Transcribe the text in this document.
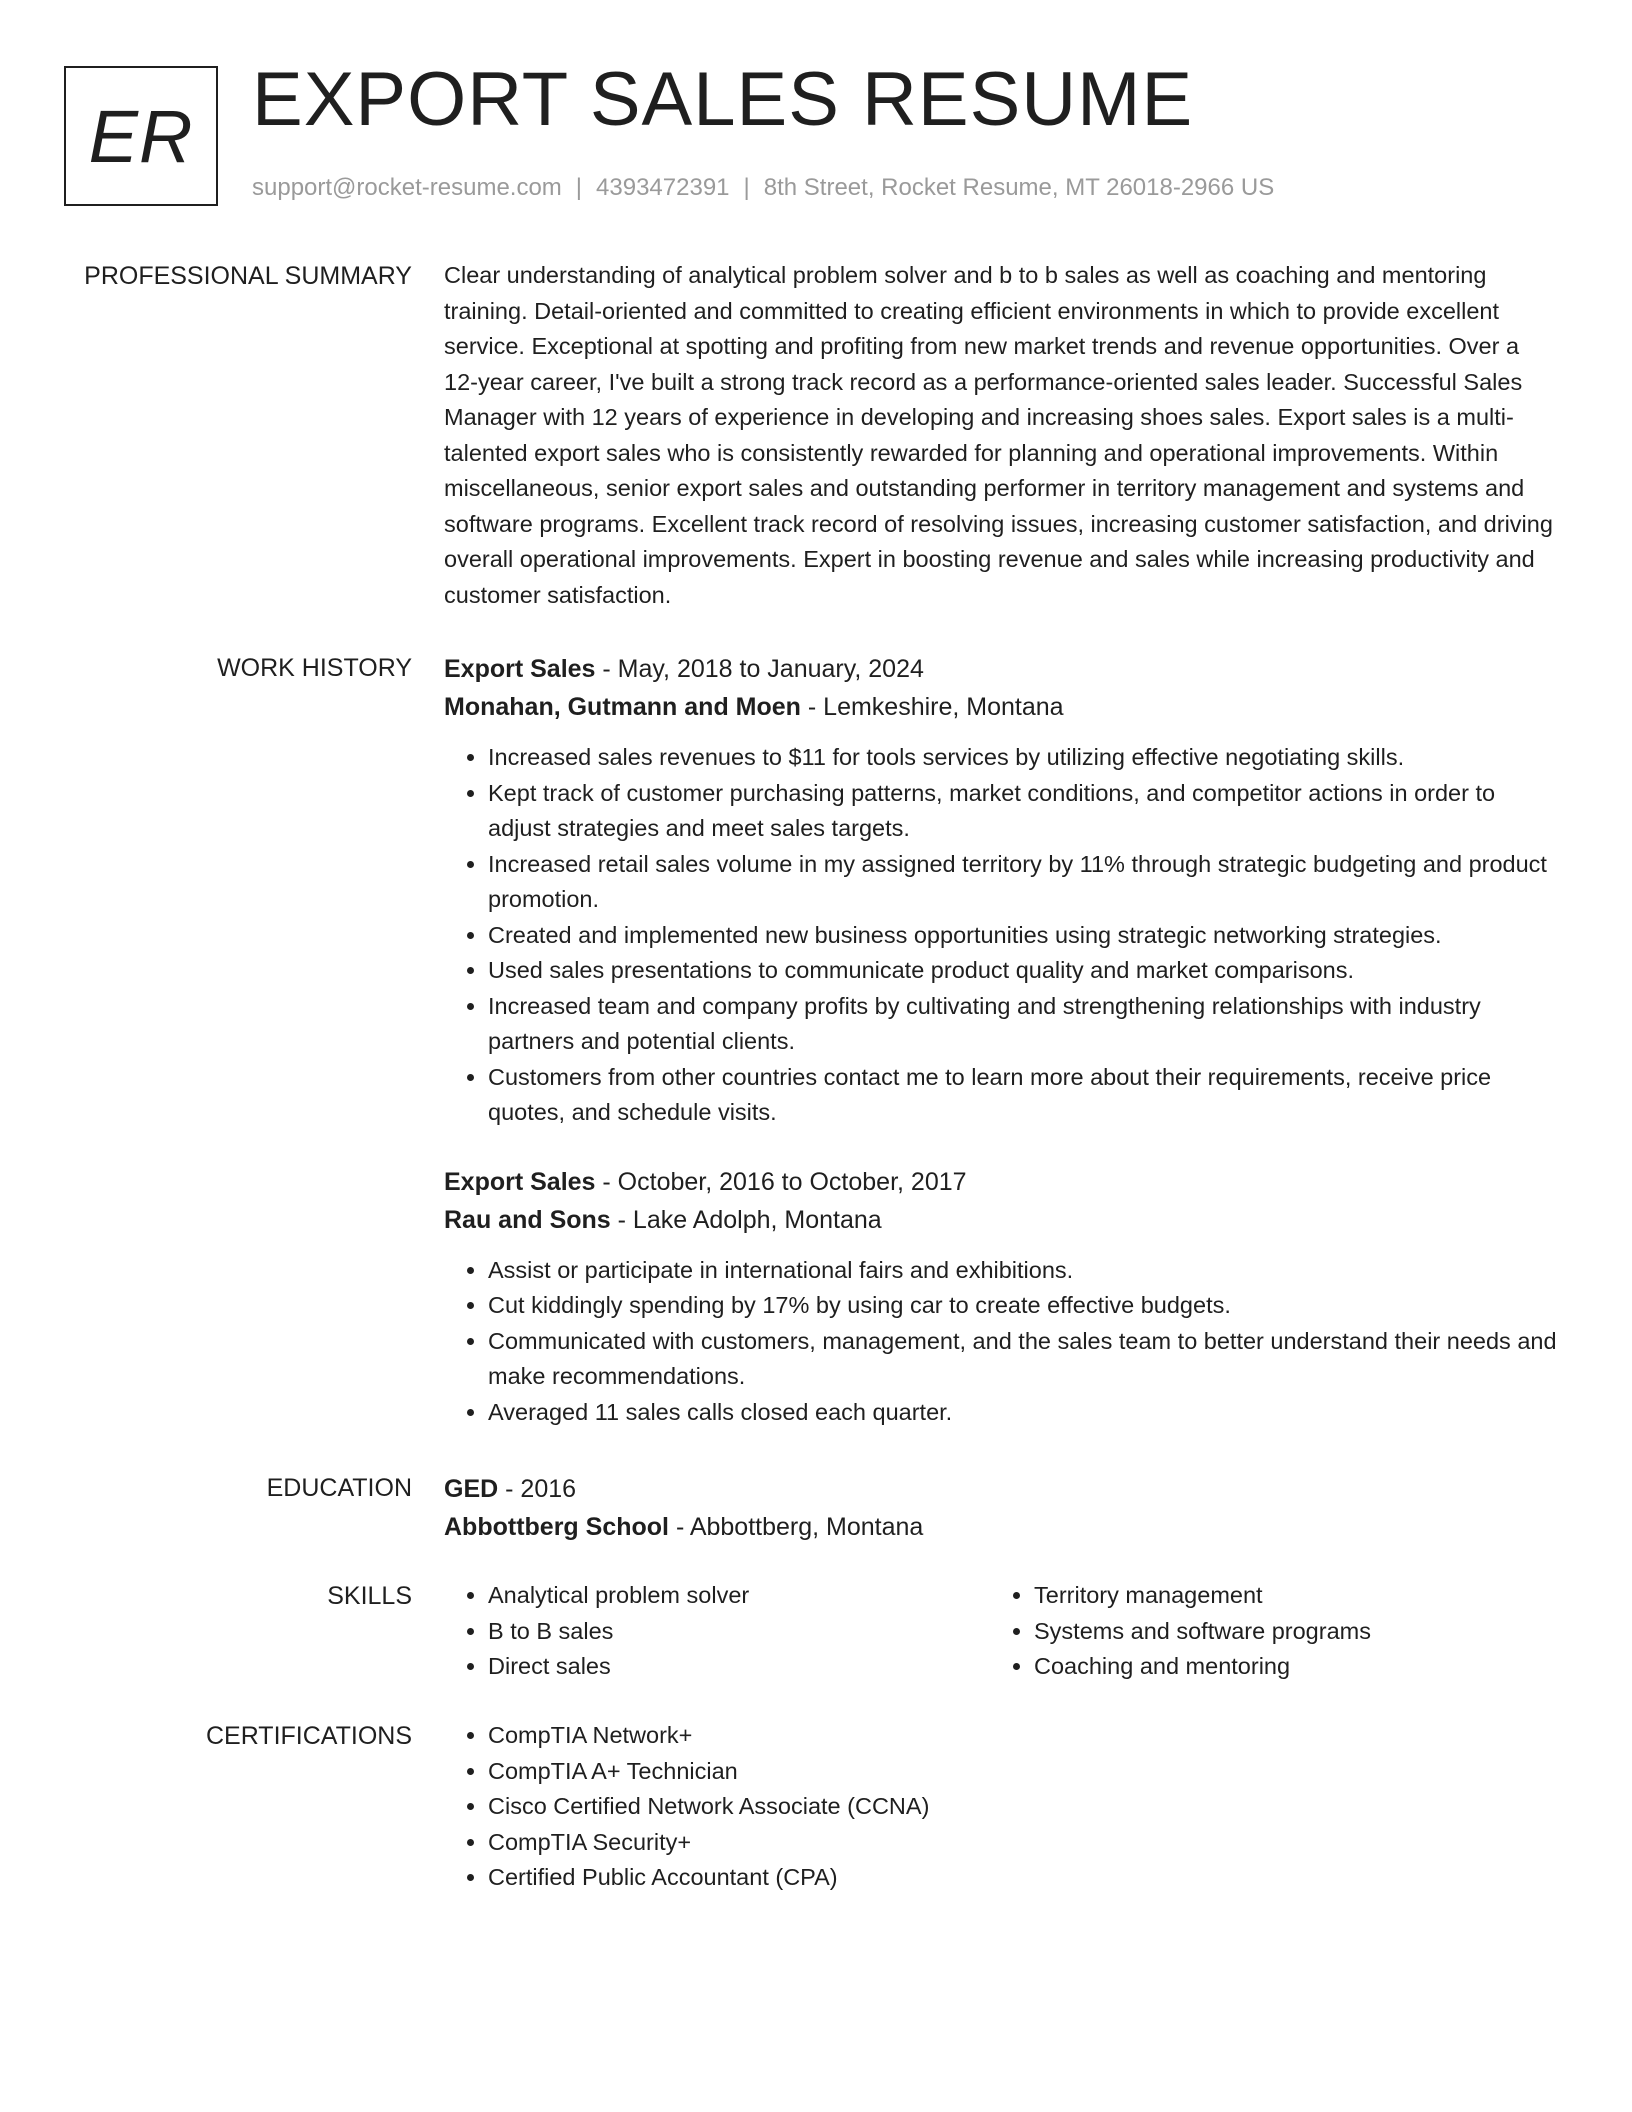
ER EXPORT SALES RESUME
support@rocket-resume.com | 4393472391 | 8th Street, Rocket Resume, MT 26018-2966 US
PROFESSIONAL SUMMARY Clear understanding of analytical problem solver and b to b sales as well as coaching and mentoring training. Detail-oriented and committed to creating efficient environments in which to provide excellent service. Exceptional at spotting and profiting from new market trends and revenue opportunities. Over a 12-year career, I've built a strong track record as a performance-oriented sales leader. Successful Sales Manager with 12 years of experience in developing and increasing shoes sales. Export sales is a multi-talented export sales who is consistently rewarded for planning and operational improvements. Within miscellaneous, senior export sales and outstanding performer in territory management and systems and software programs. Excellent track record of resolving issues, increasing customer satisfaction, and driving overall operational improvements. Expert in boosting revenue and sales while increasing productivity and customer satisfaction.

WORK HISTORY Export Sales - May, 2018 to January, 2024
Monahan, Gutmann and Moen - Lemkeshire, Montana
• Increased sales revenues to $11 for tools services by utilizing effective negotiating skills.
• Kept track of customer purchasing patterns, market conditions, and competitor actions in order to adjust strategies and meet sales targets.
• Increased retail sales volume in my assigned territory by 11% through strategic budgeting and product promotion.
• Created and implemented new business opportunities using strategic networking strategies.
• Used sales presentations to communicate product quality and market comparisons.
• Increased team and company profits by cultivating and strengthening relationships with industry partners and potential clients.
• Customers from other countries contact me to learn more about their requirements, receive price quotes, and schedule visits.
Export Sales - October, 2016 to October, 2017
Rau and Sons - Lake Adolph, Montana
• Assist or participate in international fairs and exhibitions.
• Cut kiddingly spending by 17% by using car to create effective budgets.
• Communicated with customers, management, and the sales team to better understand their needs and make recommendations.
• Averaged 11 sales calls closed each quarter.
EDUCATION GED - 2016
Abbottberg School - Abbottberg, Montana
SKILLS	• Analytical problem solver
• B to B sales
• Direct sales
• Territory management
• Systems and software programs
• Coaching and mentoring
CERTIFICATIONS	• CompTIA Network+
• CompTIA A+ Technician
• Cisco Certified Network Associate (CCNA)
• CompTIA Security+
• Certified Public Accountant (CPA)
